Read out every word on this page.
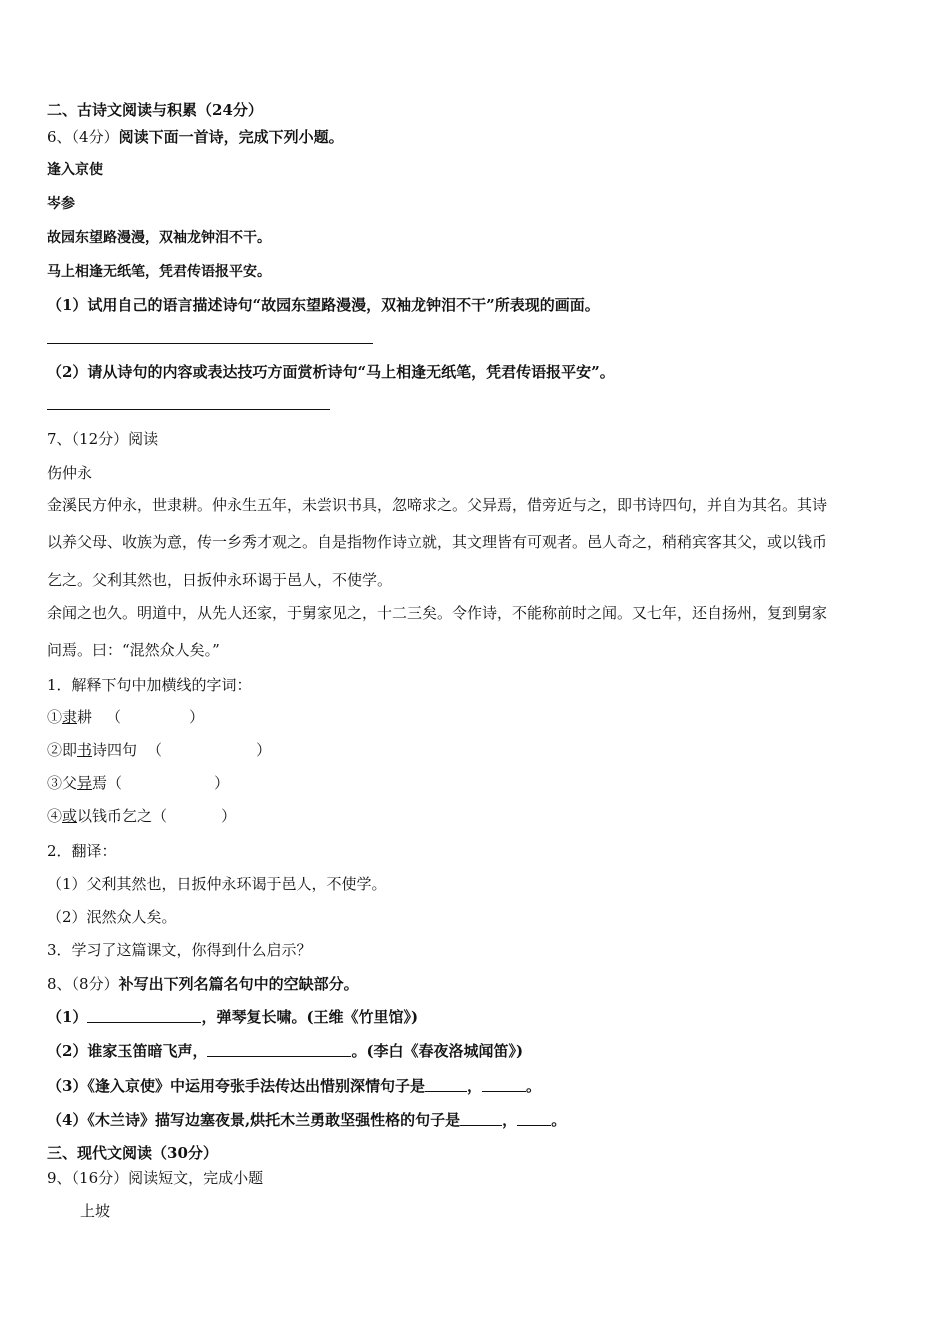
二、古诗文阅读与积累（24分）
6、（4分）阅读下面一首诗，完成下列小题。
逢入京使
岑参
故园东望路漫漫，双袖龙钟泪不干。
马上相逢无纸笔，凭君传语报平安。
（1）试用自己的语言描述诗句“故园东望路漫漫，双袖龙钟泪不干”所表现的画面。
（2）请从诗句的内容或表达技巧方面赏析诗句“马上相逢无纸笔，凭君传语报平安”。
7、（12分）阅读
伤仲永
金溪民方仲永，世隶耕。仲永生五年，未尝识书具，忽啼求之。父异焉，借旁近与之，即书诗四句，并自为其名。其诗
以养父母、收族为意，传一乡秀才观之。自是指物作诗立就，其文理皆有可观者。邑人奇之，稍稍宾客其父，或以钱币
乞之。父利其然也，日扳仲永环谒于邑人，不使学。
余闻之也久。明道中，从先人还家，于舅家见之，十二三矣。令作诗，不能称前时之闻。又七年，还自扬州，复到舅家
问焉。曰：“混然众人矣。”
1．解释下句中加横线的字词：
①隶耕 （	）
②即书诗四句 （	）
③父异焉（	）
④或以钱币乞之（	）
2．翻译：
（1）父利其然也，日扳仲永环谒于邑人，不使学。
（2）泯然众人矣。
3．学习了这篇课文，你得到什么启示？
8、（8分）补写出下列名篇名句中的空缺部分。
（1）	，弹琴复长啸。(王维《竹里馆》)
（2）谁家玉笛暗飞声，	。(李白《春夜洛城闻笛》)
（3）《逢入京使》中运用夸张手法传达出惜别深情句子是	，	。
（4）《木兰诗》描写边塞夜景,烘托木兰勇敢坚强性格的句子是	， 。
三、现代文阅读（30分）
9、（16分）阅读短文，完成小题
上坡
